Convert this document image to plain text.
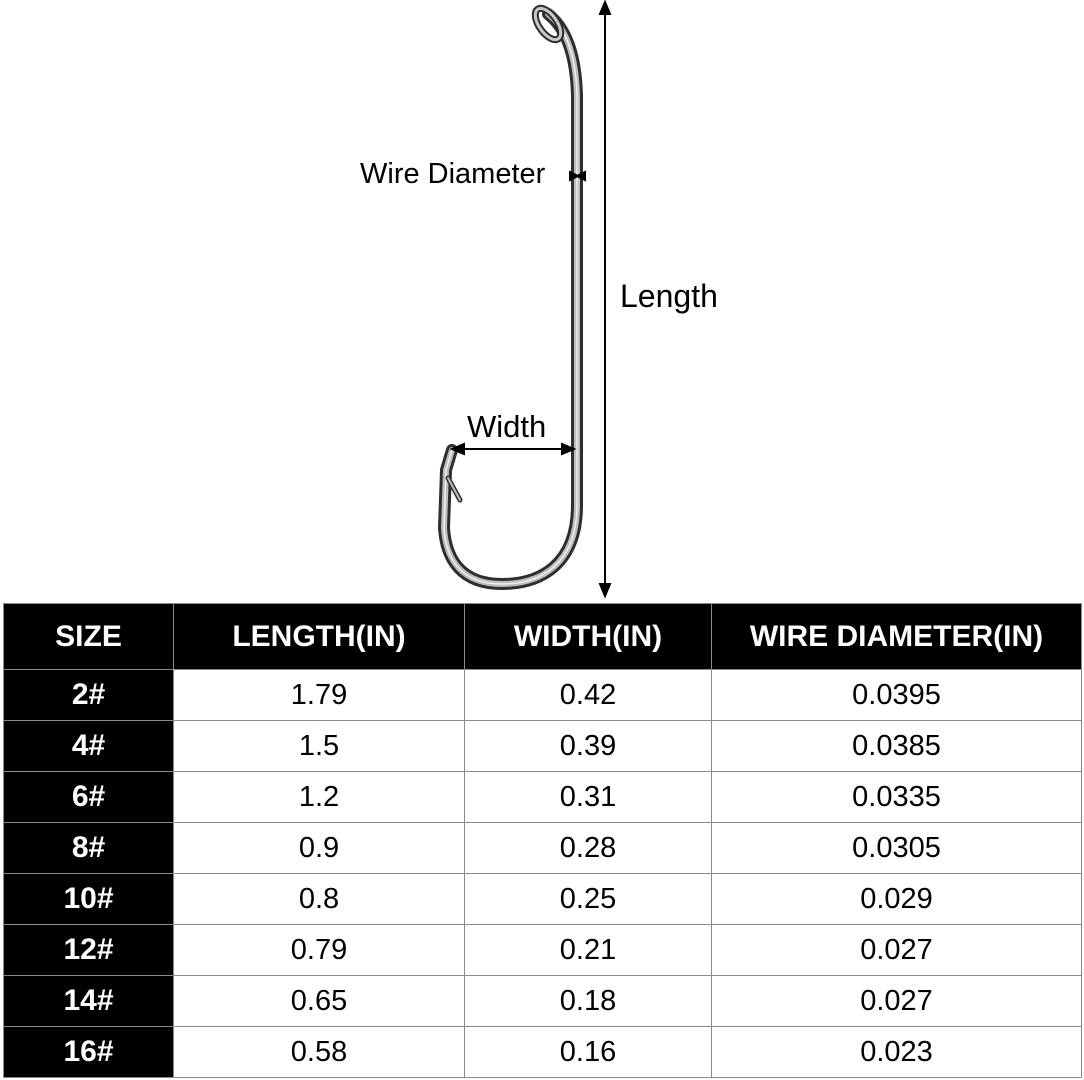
Wire Diameter
Length
Width
SIZE	LENGTH(IN)	WIDTH(IN)	WIRE DIAMETER(IN)
2#	1.79	0.42	0.0395
4#	1.5	0.39	0.0385
6#	1.2	0.31	0.0335
8#	0.9	0.28	0.0305
10#	0.8	0.25	0.029
12#	0.79	0.21	0.027
14#	0.65	0.18	0.027
16#	0.58	0.16	0.023
